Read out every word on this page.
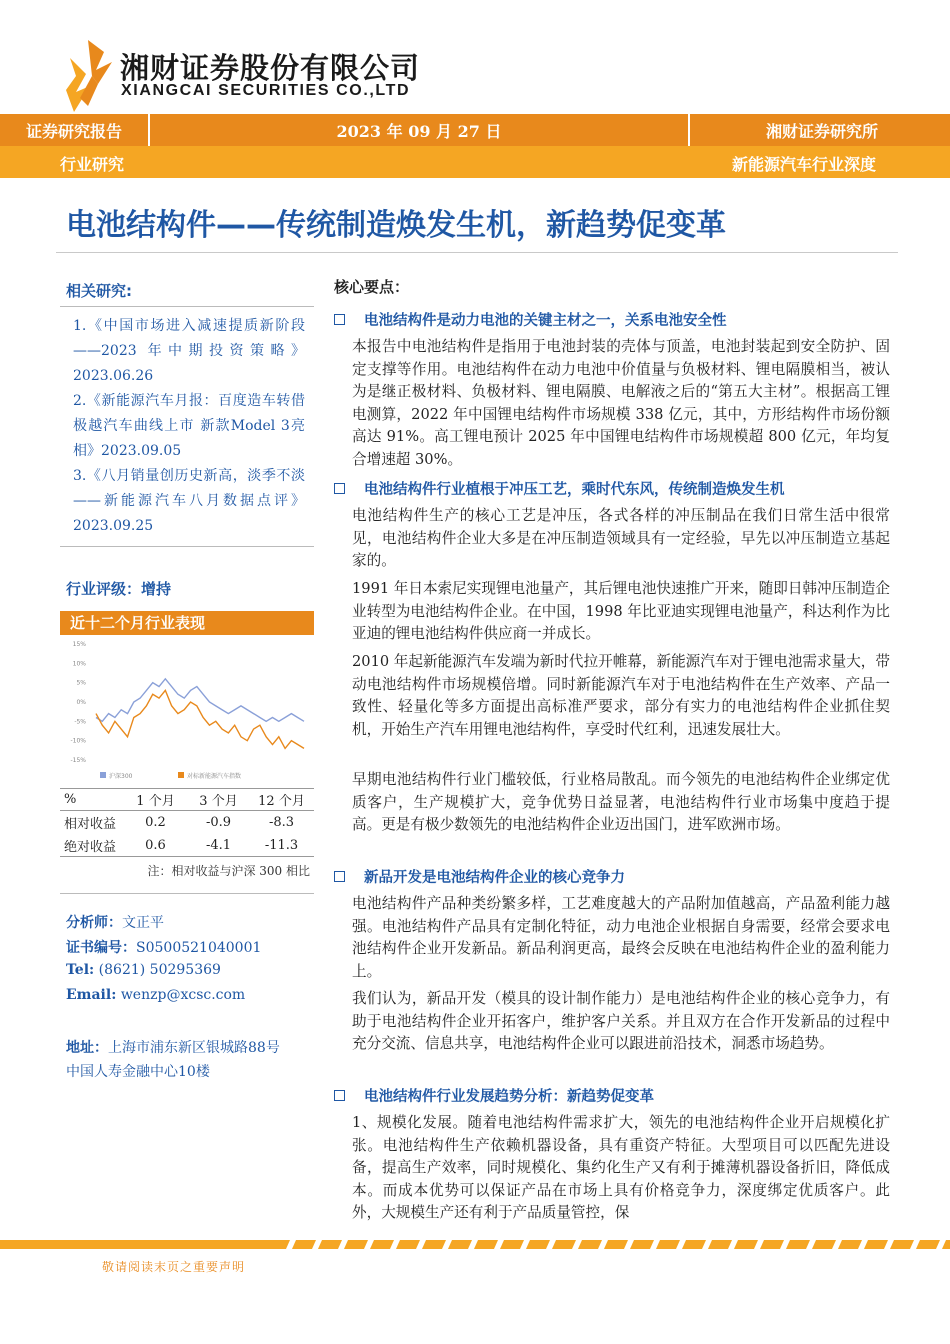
湘财证券股份有限公司
XIANGCAI SECURITIES CO.,LTD
证券研究报告	2023 年 09 月 27 日	湘财证券研究所
行业研究	新能源汽车行业深度
电池结构件——传统制造焕发生机，新趋势促变革
相关研究:
1.《中国市场进入减速提质新阶段——2023 年中期投资策略》2023.06.26
2.《新能源汽车月报：百度造车转借极越汽车曲线上市 新款Model 3亮相》2023.09.05
3.《八月销量创历史新高，淡季不淡——新能源汽车八月数据点评》2023.09.25
行业评级：增持
近十二个月行业表现
15%
10%
5%
0%
-5%
-10%
-15%
沪深300	对标新能源汽车指数
%	1 个月	3 个月	12 个月
相对收益	0.2	-0.9	-8.3
绝对收益	0.6	-4.1	-11.3
注：相对收益与沪深 300 相比
分析师：文正平
证书编号：S0500521040001
Tel: (8621) 50295369
Email: wenzp@xcsc.com
地址：上海市浦东新区银城路88号
中国人寿金融中心10楼
核心要点：
电池结构件是动力电池的关键主材之一，关系电池安全性
本报告中电池结构件是指用于电池封装的壳体与顶盖，电池封装起到安全防护、固定支撑等作用。电池结构件在动力电池中价值量与负极材料、锂电隔膜相当，被认为是继正极材料、负极材料、锂电隔膜、电解液之后的“第五大主材”。根据高工锂电测算，2022 年中国锂电结构件市场规模 338 亿元，其中，方形结构件市场份额高达 91%。高工锂电预计 2025 年中国锂电结构件市场规模超 800 亿元，年均复合增速超 30%。
电池结构件行业植根于冲压工艺，乘时代东风，传统制造焕发生机
电池结构件生产的核心工艺是冲压，各式各样的冲压制品在我们日常生活中很常见，电池结构件企业大多是在冲压制造领域具有一定经验，早先以冲压制造立基起家的。
1991 年日本索尼实现锂电池量产，其后锂电池快速推广开来，随即日韩冲压制造企业转型为电池结构件企业。在中国，1998 年比亚迪实现锂电池量产，科达利作为比亚迪的锂电池结构件供应商一并成长。
2010 年起新能源汽车发端为新时代拉开帷幕，新能源汽车对于锂电池需求量大，带动电池结构件市场规模倍增。同时新能源汽车对于电池结构件在生产效率、产品一致性、轻量化等多方面提出高标准严要求，部分有实力的电池结构件企业抓住契机，开始生产汽车用锂电池结构件，享受时代红利，迅速发展壮大。
早期电池结构件行业门槛较低，行业格局散乱。而今领先的电池结构件企业绑定优质客户，生产规模扩大，竞争优势日益显著，电池结构件行业市场集中度趋于提高。更是有极少数领先的电池结构件企业迈出国门，进军欧洲市场。
新品开发是电池结构件企业的核心竞争力
电池结构件产品种类纷繁多样，工艺难度越大的产品附加值越高，产品盈利能力越强。电池结构件产品具有定制化特征，动力电池企业根据自身需要，经常会要求电池结构件企业开发新品。新品利润更高，最终会反映在电池结构件企业的盈利能力上。
我们认为，新品开发（模具的设计制作能力）是电池结构件企业的核心竞争力，有助于电池结构件企业开拓客户，维护客户关系。并且双方在合作开发新品的过程中充分交流、信息共享，电池结构件企业可以跟进前沿技术，洞悉市场趋势。
电池结构件行业发展趋势分析：新趋势促变革
1、规模化发展。随着电池结构件需求扩大，领先的电池结构件企业开启规模化扩张。电池结构件生产依赖机器设备，具有重资产特征。大型项目可以匹配先进设备，提高生产效率，同时规模化、集约化生产又有利于摊薄机器设备折旧，降低成本。而成本优势可以保证产品在市场上具有价格竞争力，深度绑定优质客户。此外，大规模生产还有利于产品质量管控，保
敬请阅读末页之重要声明
